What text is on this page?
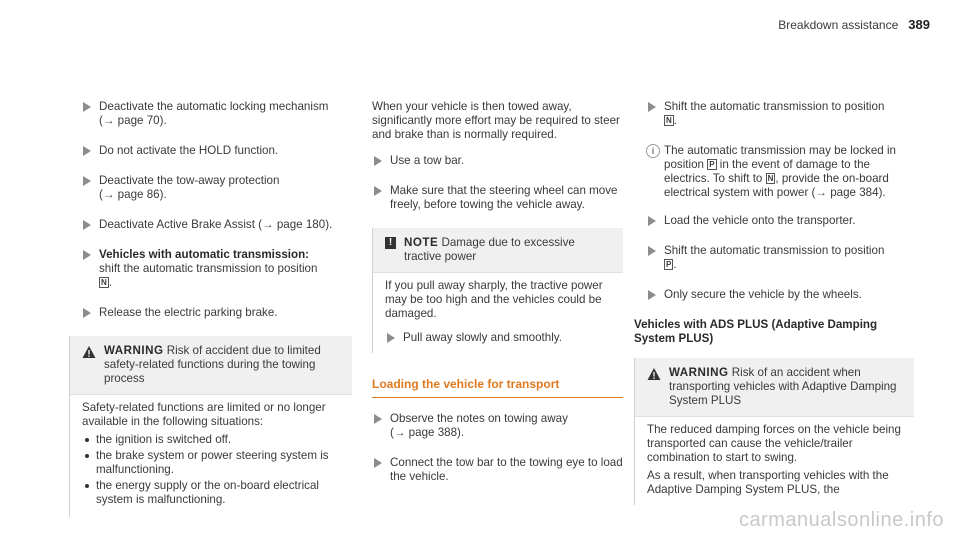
Breakdown assistance 389
Deactivate the automatic locking mechanism
(→ page 70).
Do not activate the HOLD function.
Deactivate the tow-away protection
(→ page 86).
Deactivate Active Brake Assist (→ page 180).
Vehicles with automatic transmission:
shift the automatic transmission to position
N .
Release the electric parking brake.
WARNING Risk of accident due to limited safety-related functions during the towing process
Safety-related functions are limited or no longer available in the following situations:
the ignition is switched off.
the brake system or power steering system is malfunctioning.
the energy supply or the on-board electrical system is malfunctioning.
When your vehicle is then towed away, significantly more effort may be required to steer and brake than is normally required.
Use a tow bar.
Make sure that the steering wheel can move freely, before towing the vehicle away.
!	NOTE Damage due to excessive tractive power
If you pull away sharply, the tractive power may be too high and the vehicles could be damaged.
Pull away slowly and smoothly.
Loading the vehicle for transport
Observe the notes on towing away
(→ page 388).
Connect the tow bar to the towing eye to load the vehicle.
Shift the automatic transmission to position
N .
i The automatic transmission may be locked in position P in the event of damage to the electrics. To shift to N , provide the on-board electrical system with power (→ page 384).
Load the vehicle onto the transporter.
Shift the automatic transmission to position
P .
Only secure the vehicle by the wheels.
Vehicles with ADS PLUS (Adaptive Damping System PLUS)
WARNING Risk of an accident when transporting vehicles with Adaptive Damping System PLUS
The reduced damping forces on the vehicle being transported can cause the vehicle/trailer combination to start to swing.
As a result, when transporting vehicles with the Adaptive Damping System PLUS, the
carmanualsonline.info
